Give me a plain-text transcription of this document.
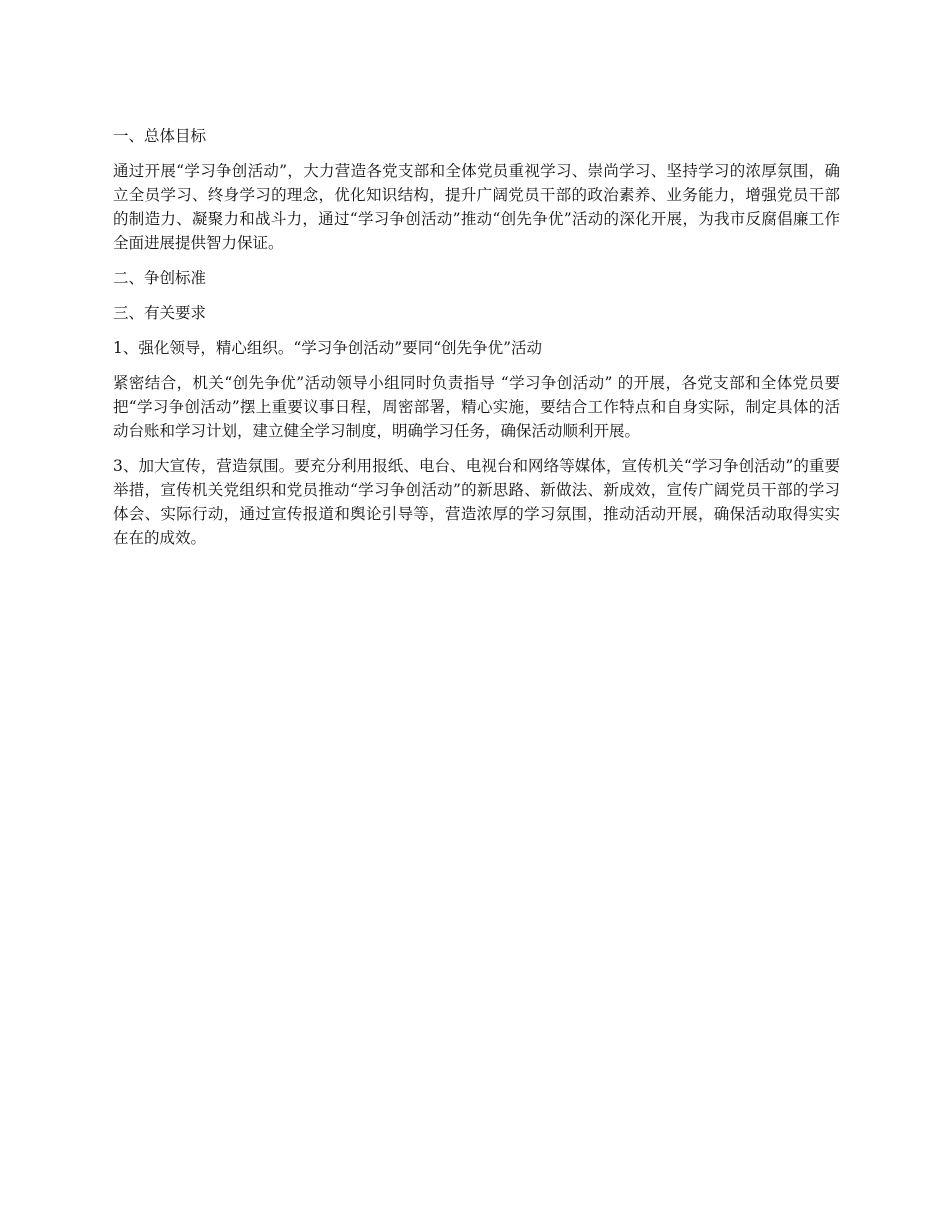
一、总体目标

通过开展“学习争创活动”，大力营造各党支部和全体党员重视学习、崇尚学习、坚持学习的浓厚氛围，确立全员学习、终身学习的理念，优化知识结构，提升广阔党员干部的政治素养、业务能力，增强党员干部的制造力、凝聚力和战斗力，通过“学习争创活动”推动“创先争优”活动的深化开展，为我市反腐倡廉工作全面进展提供智力保证。

二、争创标准

三、有关要求

1、强化领导，精心组织。“学习争创活动”要同“创先争优”活动

紧密结合，机关“创先争优”活动领导小组同时负责指导 “学习争创活动” 的开展，各党支部和全体党员要把“学习争创活动”摆上重要议事日程，周密部署，精心实施，要结合工作特点和自身实际，制定具体的活动台账和学习计划，建立健全学习制度，明确学习任务，确保活动顺利开展。

3、加大宣传，营造氛围。要充分利用报纸、电台、电视台和网络等媒体，宣传机关“学习争创活动”的重要举措，宣传机关党组织和党员推动“学习争创活动”的新思路、新做法、新成效，宣传广阔党员干部的学习体会、实际行动，通过宣传报道和舆论引导等，营造浓厚的学习氛围，推动活动开展，确保活动取得实实在在的成效。
